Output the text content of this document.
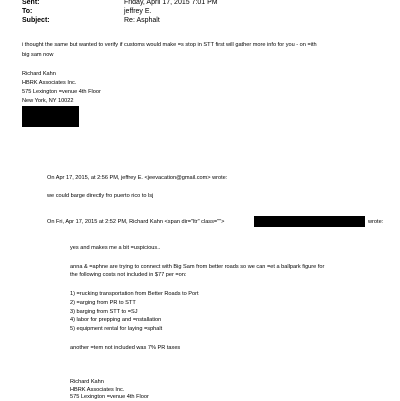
Sent:	Friday, April 17, 2015 7:01 PM
To:	jeffrey E.
Subject:	Re: Asphalt
i thought the same but wanted to verify if customs would make =s stop in STT first will gather more info for you - on =ith
big sam now
Richard Kahn
HBRK Associates Inc.
575 Lexington =venue 4th Floor
New York, NY 10022
On Apr 17, 2015, at 2:56 PM, jeffrey E. <jeevacation@gmail.com> wrote:
we could barge directly fro puerto rico to lsj
On Fri, Apr 17, 2015 at 2:52 PM, Richard Kahn <span dir="ltr" class="">	wrote:
yes and makes me a bit =uspicious..
anna & =aphne are trying to connect with Big Sam from better roads so we can =et a ballpark figure for
the following costs not included in $77 per =on:
1) =rucking transportation from Better Roads to Port
2) =arging from PR to STT
3) barging from STT to =SJ
4) labor for prepping and =nstallation
5) equipment rental for laying =sphalt
another =tem not included was 7% PR taxes
Richard Kahn
HBRK Associates Inc.
575 Lexington =venue 4th Floor
